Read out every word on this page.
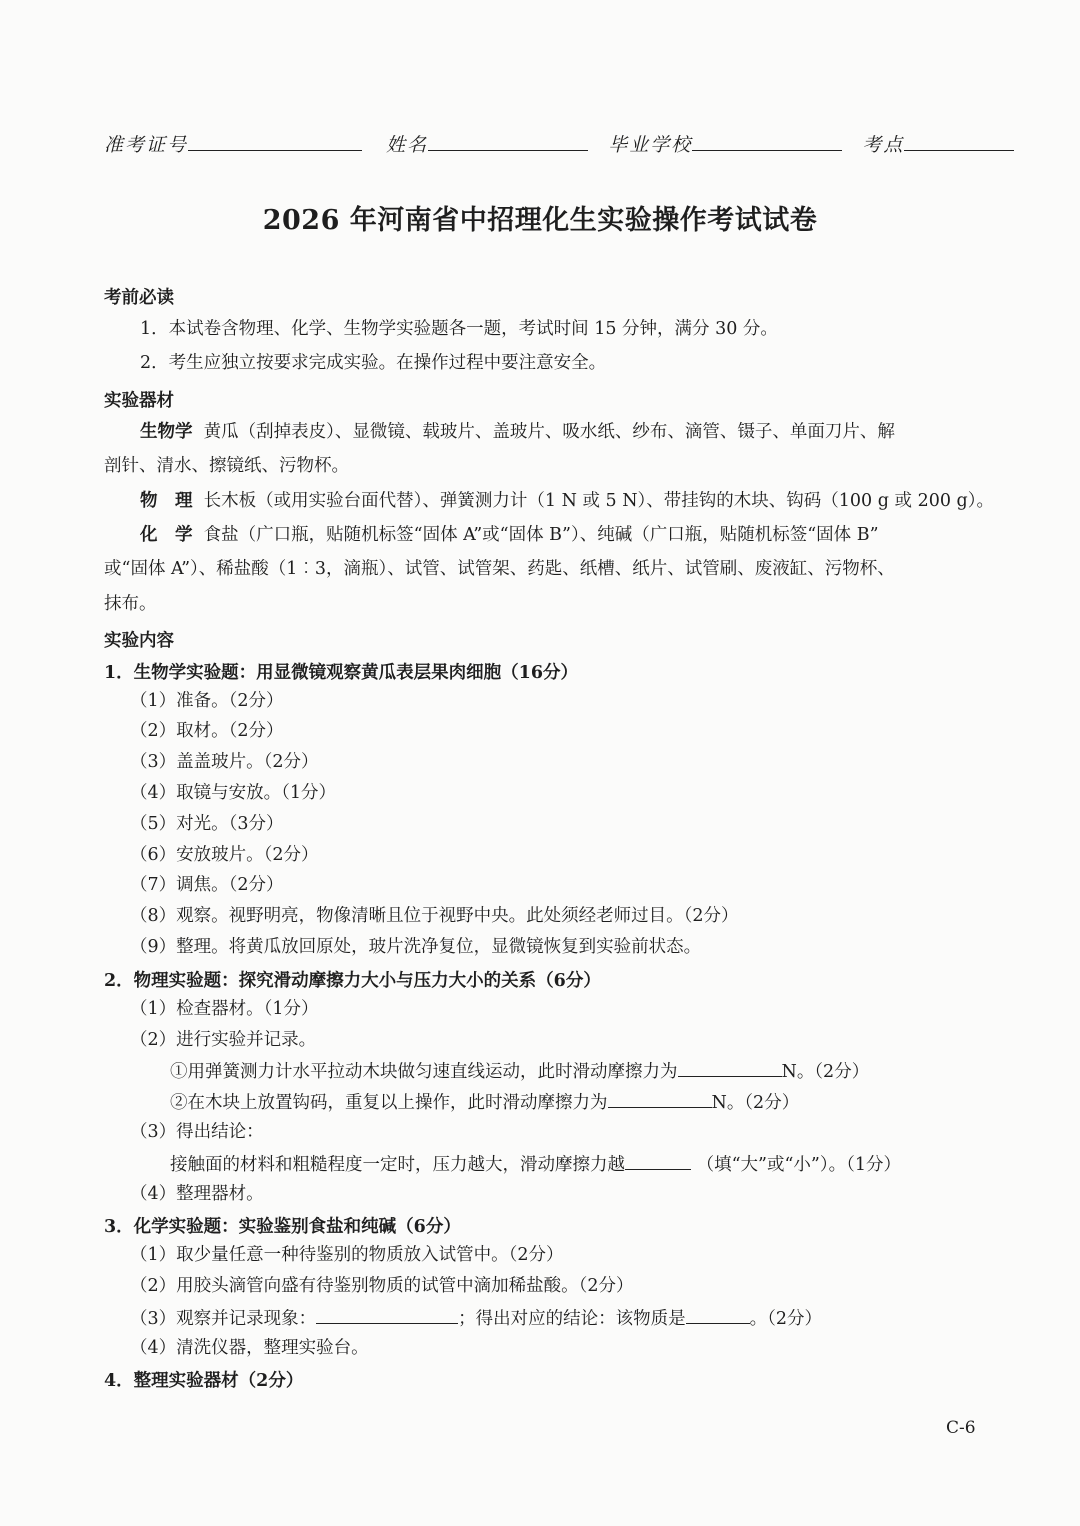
准考证号	姓名	毕业学校	考点
2026 年河南省中招理化生实验操作考试试卷
考前必读
1．本试卷含物理、化学、生物学实验题各一题，考试时间 15 分钟，满分 30 分。
2．考生应独立按要求完成实验。在操作过程中要注意安全。
实验器材
生物学 黄瓜（刮掉表皮）、显微镜、载玻片、盖玻片、吸水纸、纱布、滴管、镊子、单面刀片、解
剖针、清水、擦镜纸、污物杯。
物　理 长木板（或用实验台面代替）、弹簧测力计（1 N 或 5 N）、带挂钩的木块、钩码（100 g 或 200 g）。
化　学 食盐（广口瓶，贴随机标签“固体 A”或“固体 B”）、纯碱（广口瓶，贴随机标签“固体 B”
或“固体 A”）、稀盐酸（1︰3，滴瓶）、试管、试管架、药匙、纸槽、纸片、试管刷、废液缸、污物杯、
抹布。
实验内容
1．生物学实验题：用显微镜观察黄瓜表层果肉细胞（16分）
（1）准备。（2分）
（2）取材。（2分）
（3）盖盖玻片。（2分）
（4）取镜与安放。（1分）
（5）对光。（3分）
（6）安放玻片。（2分）
（7）调焦。（2分）
（8）观察。视野明亮，物像清晰且位于视野中央。此处须经老师过目。（2分）
（9）整理。将黄瓜放回原处，玻片洗净复位，显微镜恢复到实验前状态。
2．物理实验题：探究滑动摩擦力大小与压力大小的关系（6分）
（1）检查器材。（1分）
（2）进行实验并记录。
①用弹簧测力计水平拉动木块做匀速直线运动，此时滑动摩擦力为	N。（2分）
②在木块上放置钩码，重复以上操作，此时滑动摩擦力为	N。（2分）
（3）得出结论：
接触面的材料和粗糙程度一定时，压力越大，滑动摩擦力越	（填“大”或“小”）。（1分）
（4）整理器材。
3．化学实验题：实验鉴别食盐和纯碱（6分）
（1）取少量任意一种待鉴别的物质放入试管中。（2分）
（2）用胶头滴管向盛有待鉴别物质的试管中滴加稀盐酸。（2分）
（3）观察并记录现象：	；得出对应的结论：该物质是	。（2分）
（4）清洗仪器，整理实验台。
4．整理实验器材（2分）
C-6
